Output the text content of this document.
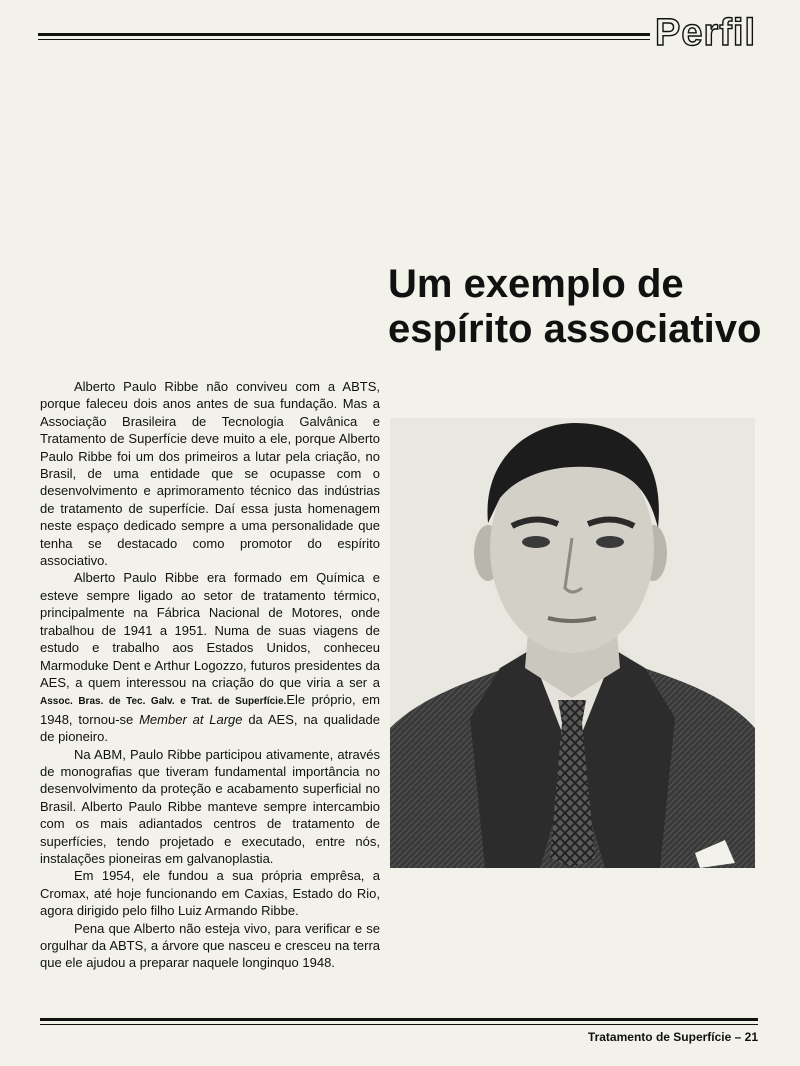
Perfil
Um exemplo de
espírito associativo

Alberto Paulo Ribbe não conviveu com a ABTS, porque faleceu dois anos antes de sua fundação. Mas a Associação Brasileira de Tecnologia Galvânica e Tratamento de Superfície deve muito a ele, porque Alberto Paulo Ribbe foi um dos primeiros a lutar pela criação, no Brasil, de uma entidade que se ocupasse com o desenvolvimento e aprimoramento técnico das indústrias de tratamento de superfície. Daí essa justa homenagem neste espaço dedicado sempre a uma personalidade que tenha se destacado como promotor do espírito associativo.

Alberto Paulo Ribbe era formado em Química e esteve sempre ligado ao setor de tratamento térmico, principalmente na Fábrica Nacional de Motores, onde trabalhou de 1941 a 1951. Numa de suas viagens de estudo e trabalho aos Estados Unidos, conheceu Marmoduke Dent e Arthur Logozzo, futuros presidentes da AES, a quem interessou na criação do que viria a ser a Assoc. Bras. de Tec. Galv. e Trat. de Superfície.Ele próprio, em 1948, tornou-se Member at Large da AES, na qualidade de pioneiro.

Na ABM, Paulo Ribbe participou ativamente, através de monografias que tiveram fundamental importância no desenvolvimento da proteção e acabamento superficial no Brasil. Alberto Paulo Ribbe manteve sempre intercambio com os mais adiantados centros de tratamento de superfícies, tendo projetado e executado, entre nós, instalações pioneiras em galvanoplastia.

Em 1954, ele fundou a sua própria emprêsa, a Cromax, até hoje funcionando em Caxias, Estado do Rio, agora dirigido pelo filho Luiz Armando Ribbe.

Pena que Alberto não esteja vivo, para verificar e se orgulhar da ABTS, a árvore que nasceu e cresceu na terra que ele ajudou a preparar naquele longinquo 1948.

Tratamento de Superfície – 21
